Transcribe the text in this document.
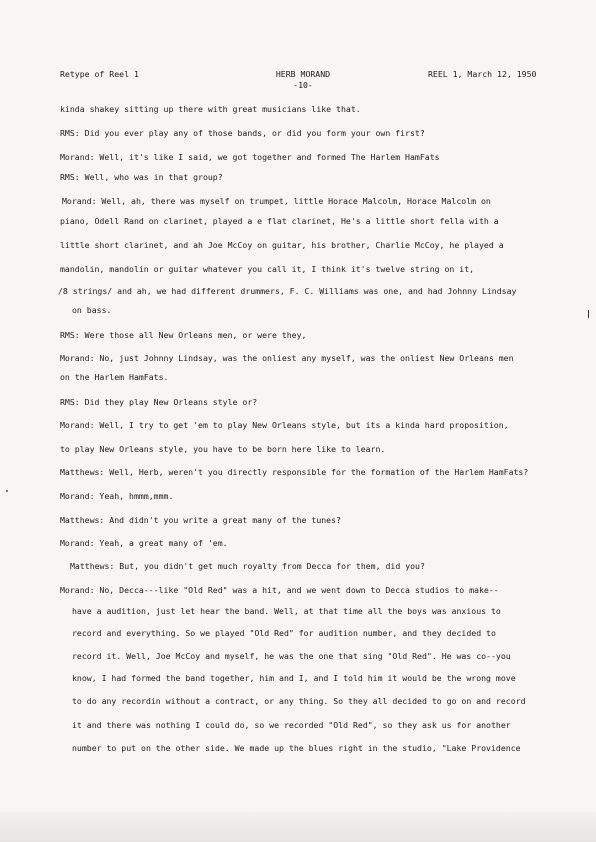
Retype of Reel 1	HERB MORAND
-10-
REEL 1, March 12, 1950
kinda shakey sitting up there with great musicians like that.
RMS: Did you ever play any of those bands, or did you form your own first?
Morand: Well, it's like I said, we got together and formed The Harlem HamFats
RMS: Well, who was in that group?
Morand: Well, ah, there was myself on trumpet, little Horace Malcolm, Horace Malcolm on
piano, Odell Rand on clarinet, played a e flat clarinet, He's a little short fella with a
little short clarinet, and ah Joe McCoy on guitar, his brother, Charlie McCoy, he played a
mandolin, mandolin or guitar whatever you call it, I think it's twelve string on it,
/8 strings/ and ah, we had different drummers, F. C. Williams was one, and had Johnny Lindsay
on bass.
RMS: Were those all New Orleans men, or were they,
Morand: No, just Johnny Lindsay, was the onliest any myself, was the onliest New Orleans men
on the Harlem HamFats.
RMS: Did they play New Orleans style or?
Morand: Well, I try to get 'em to play New Orleans style, but its a kinda hard proposition,
to play New Orleans style, you have to be born here like to learn.
Matthews: Well, Herb, weren't you directly responsible for the formation of the Harlem HamFats?
Morand: Yeah, hmmm,mmm.
Matthews: And didn't you write a great many of the tunes?
Morand: Yeah, a great many of 'em.
Matthews: But, you didn't get much royalty from Decca for them, did you?
Morand: No, Decca---like "Old Red" was a hit, and we went down to Decca studios to make--
have a audition, just let hear the band. Well, at that time all the boys was anxious to
record and everything. So we played "Old Red" for audition number, and they decided to
record it. Well, Joe McCoy and myself, he was the one that sing "Old Red". He was co--you
know, I had formed the band together, him and I, and I told him it would be the wrong move
to do any recordin without a contract, or any thing. So they all decided to go on and record
it and there was nothing I could do, so we recorded "Old Red", so they ask us for another
number to put on the other side. We made up the blues right in the studio, "Lake Providence
